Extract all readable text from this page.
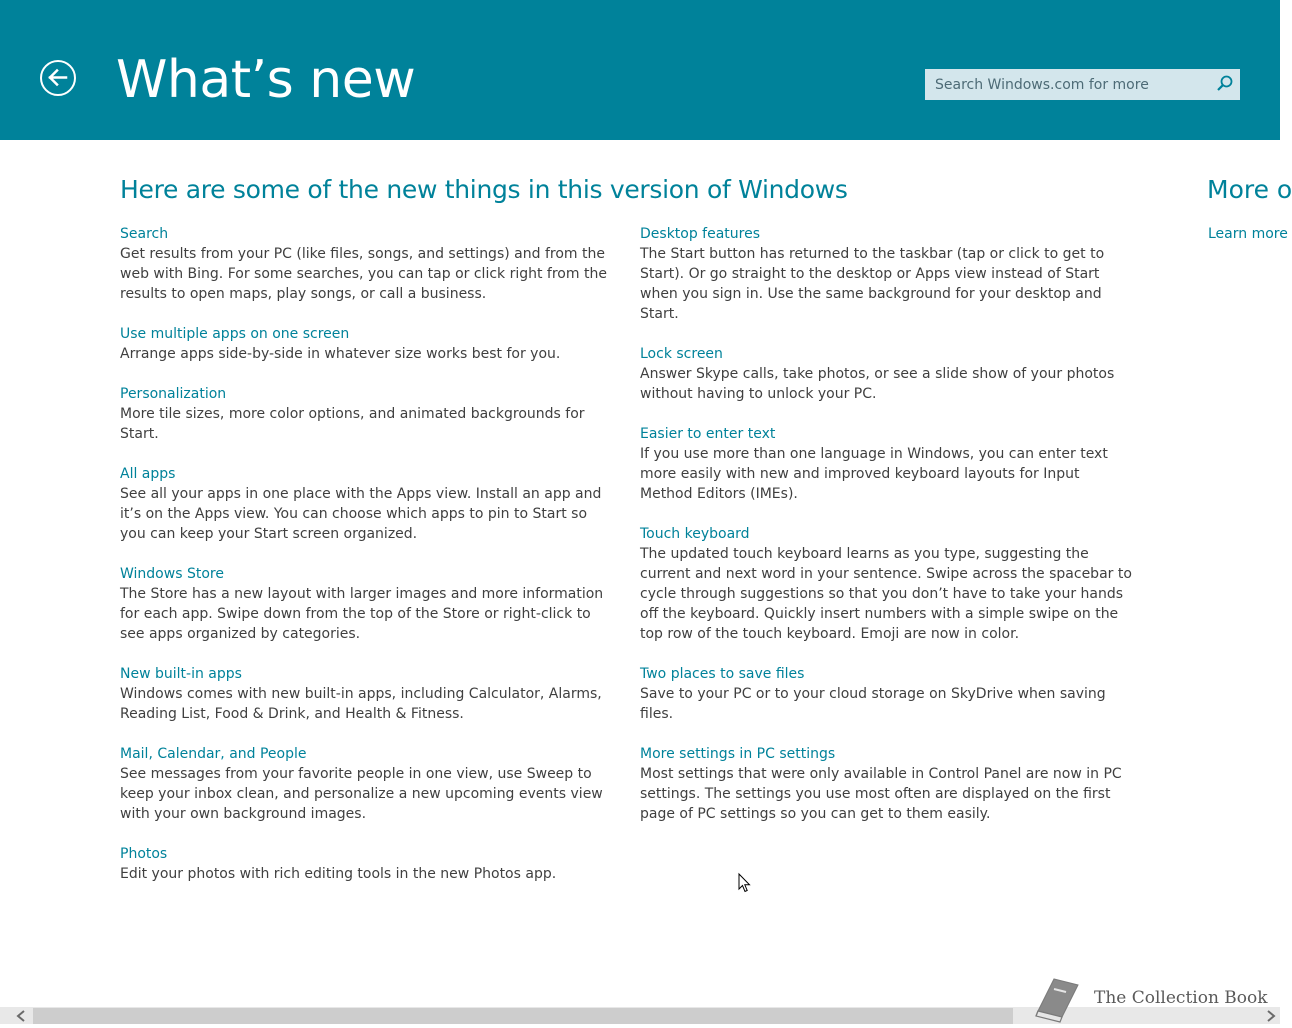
What’s new
Search Windows.com for more
Here are some of the new things in this version of Windows
Search

Get results from your PC (like files, songs, and settings) and from the web with Bing. For some searches, you can tap or click right from the results to open maps, play songs, or call a business.

Use multiple apps on one screen

Arrange apps side-by-side in whatever size works best for you.

Personalization

More tile sizes, more color options, and animated backgrounds for Start.

All apps

See all your apps in one place with the Apps view. Install an app and it’s on the Apps view. You can choose which apps to pin to Start so you can keep your Start screen organized.

Windows Store

The Store has a new layout with larger images and more information for each app. Swipe down from the top of the Store or right-click to see apps organized by categories.

New built-in apps

Windows comes with new built-in apps, including Calculator, Alarms, Reading List, Food & Drink, and Health & Fitness.

Mail, Calendar, and People

See messages from your favorite people in one view, use Sweep to keep your inbox clean, and personalize a new upcoming events view with your own background images.

Photos

Edit your photos with rich editing tools in the new Photos app.

Desktop features

The Start button has returned to the taskbar (tap or click to get to Start). Or go straight to the desktop or Apps view instead of Start when you sign in. Use the same background for your desktop and Start.

Lock screen

Answer Skype calls, take photos, or see a slide show of your photos without having to unlock your PC.

Easier to enter text

If you use more than one language in Windows, you can enter text more easily with new and improved keyboard layouts for Input Method Editors (IMEs).

Touch keyboard

The updated touch keyboard learns as you type, suggesting the current and next word in your sentence. Swipe across the spacebar to cycle through suggestions so that you don’t have to take your hands off the keyboard. Quickly insert numbers with a simple swipe on the top row of the touch keyboard. Emoji are now in color.

Two places to save files

Save to your PC or to your cloud storage on SkyDrive when saving files.

More settings in PC settings

Most settings that were only available in Control Panel are now in PC settings. The settings you use most often are displayed on the first page of PC settings so you can get to them easily.

More o
Learn more
The Collection Book
